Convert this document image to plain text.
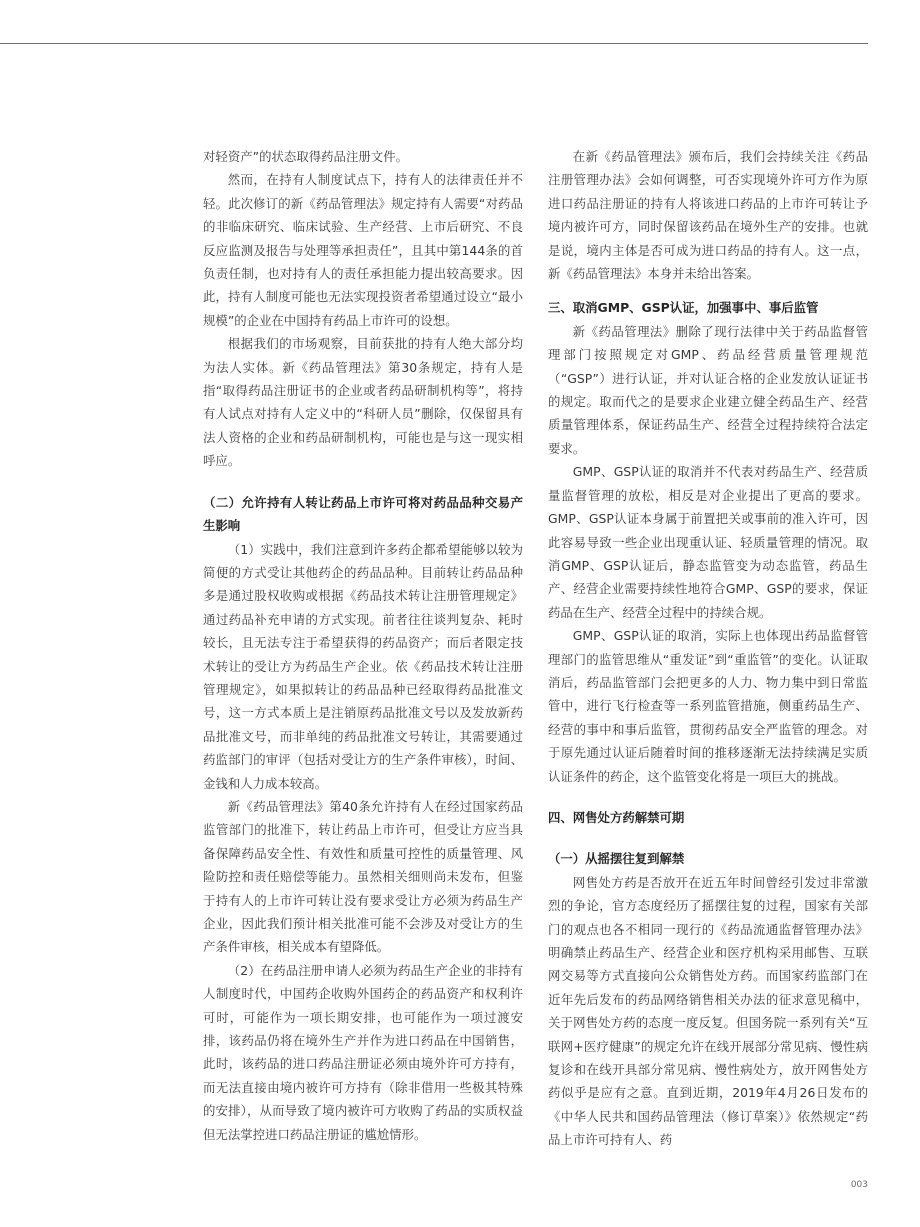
对轻资产”的状态取得药品注册文件。

然而，在持有人制度试点下，持有人的法律责任并不轻。此次修订的新《药品管理法》规定持有人需要“对药品的非临床研究、临床试验、生产经营、上市后研究、不良反应监测及报告与处理等承担责任”，且其中第144条的首负责任制，也对持有人的责任承担能力提出较高要求。因此，持有人制度可能也无法实现投资者希望通过设立“最小规模”的企业在中国持有药品上市许可的设想。

根据我们的市场观察，目前获批的持有人绝大部分均为法人实体。新《药品管理法》第30条规定，持有人是指“取得药品注册证书的企业或者药品研制机构等”，将持有人试点对持有人定义中的“科研人员”删除，仅保留具有法人资格的企业和药品研制机构，可能也是与这一现实相呼应。

（二）允许持有人转让药品上市许可将对药品品种交易产生影响

（1）实践中，我们注意到许多药企都希望能够以较为简便的方式受让其他药企的药品品种。目前转让药品品种多是通过股权收购或根据《药品技术转让注册管理规定》通过药品补充申请的方式实现。前者往往谈判复杂、耗时较长，且无法专注于希望获得的药品资产；而后者限定技术转让的受让方为药品生产企业。依《药品技术转让注册管理规定》，如果拟转让的药品品种已经取得药品批准文号，这一方式本质上是注销原药品批准文号以及发放新药品批准文号，而非单纯的药品批准文号转让，其需要通过药监部门的审评（包括对受让方的生产条件审核），时间、金钱和人力成本较高。

新《药品管理法》第40条允许持有人在经过国家药品监管部门的批准下，转让药品上市许可，但受让方应当具备保障药品安全性、有效性和质量可控性的质量管理、风险防控和责任赔偿等能力。虽然相关细则尚未发布，但鉴于持有人的上市许可转让没有要求受让方必须为药品生产企业，因此我们预计相关批准可能不会涉及对受让方的生产条件审核，相关成本有望降低。

（2）在药品注册申请人必须为药品生产企业的非持有人制度时代，中国药企收购外国药企的药品资产和权利许可时，可能作为一项长期安排，也可能作为一项过渡安排，该药品仍将在境外生产并作为进口药品在中国销售，此时，该药品的进口药品注册证必须由境外许可方持有，而无法直接由境内被许可方持有（除非借用一些极其特殊的安排），从而导致了境内被许可方收购了药品的实质权益但无法掌控进口药品注册证的尴尬情形。

在新《药品管理法》颁布后，我们会持续关注《药品注册管理办法》会如何调整，可否实现境外许可方作为原进口药品注册证的持有人将该进口药品的上市许可转让予境内被许可方，同时保留该药品在境外生产的安排。也就是说，境内主体是否可成为进口药品的持有人。这一点，新《药品管理法》本身并未给出答案。

三、取消GMP、GSP认证，加强事中、事后监管

新《药品管理法》删除了现行法律中关于药品监督管理部门按照规定对GMP、药品经营质量管理规范（“GSP”）进行认证，并对认证合格的企业发放认证证书的规定。取而代之的是要求企业建立健全药品生产、经营质量管理体系，保证药品生产、经营全过程持续符合法定要求。

GMP、GSP认证的取消并不代表对药品生产、经营质量监督管理的放松，相反是对企业提出了更高的要求。GMP、GSP认证本身属于前置把关或事前的准入许可，因此容易导致一些企业出现重认证、轻质量管理的情况。取消GMP、GSP认证后，静态监管变为动态监管，药品生产、经营企业需要持续性地符合GMP、GSP的要求，保证药品在生产、经营全过程中的持续合规。

GMP、GSP认证的取消，实际上也体现出药品监督管理部门的监管思维从“重发证”到“重监管”的变化。认证取消后，药品监管部门会把更多的人力、物力集中到日常监管中，进行飞行检查等一系列监管措施，侧重药品生产、经营的事中和事后监管，贯彻药品安全严监管的理念。对于原先通过认证后随着时间的推移逐渐无法持续满足实质认证条件的药企，这个监管变化将是一项巨大的挑战。

四、网售处方药解禁可期

（一）从摇摆往复到解禁

网售处方药是否放开在近五年时间曾经引发过非常激烈的争论，官方态度经历了摇摆往复的过程，国家有关部门的观点也各不相同一现行的《药品流通监督管理办法》明确禁止药品生产、经营企业和医疗机构采用邮售、互联网交易等方式直接向公众销售处方药。而国家药监部门在近年先后发布的药品网络销售相关办法的征求意见稿中，关于网售处方药的态度一度反复。但国务院一系列有关“互联网+医疗健康”的规定允许在线开展部分常见病、慢性病复诊和在线开具部分常见病、慢性病处方，放开网售处方药似乎是应有之意。直到近期，2019年4月26日发布的《中华人民共和国药品管理法（修订草案）》依然规定“药品上市许可持有人、药

003
